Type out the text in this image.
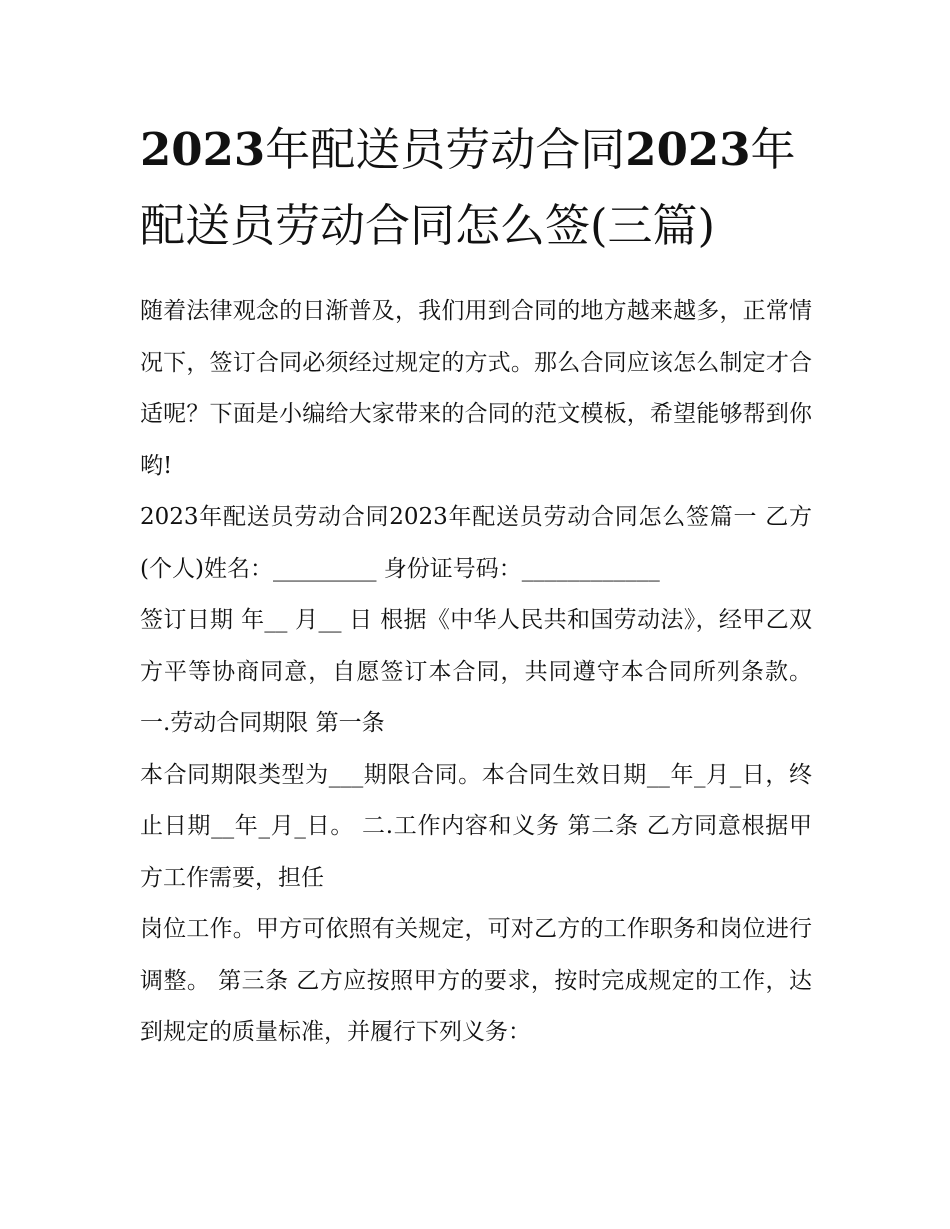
2023年配送员劳动合同2023年配送员劳动合同怎么签(三篇)

随着法律观念的日渐普及，我们用到合同的地方越来越多，正常情况下，签订合同必须经过规定的方式。那么合同应该怎么制定才合适呢？下面是小编给大家带来的合同的范文模板，希望能够帮到你哟!

2023年配送员劳动合同2023年配送员劳动合同怎么签篇一 乙方 (个人)姓名：_________ 身份证号码：____________

签订日期 年__ 月__ 日 根据《中华人民共和国劳动法》，经甲乙双方平等协商同意，自愿签订本合同，共同遵守本合同所列条款。 一.劳动合同期限 第一条

本合同期限类型为___期限合同。本合同生效日期__年_月_日，终止日期__年_月_日。 二.工作内容和义务 第二条 乙方同意根据甲方工作需要，担任

岗位工作。甲方可依照有关规定，可对乙方的工作职务和岗位进行调整。 第三条 乙方应按照甲方的要求，按时完成规定的工作，达到规定的质量标准，并履行下列义务：
